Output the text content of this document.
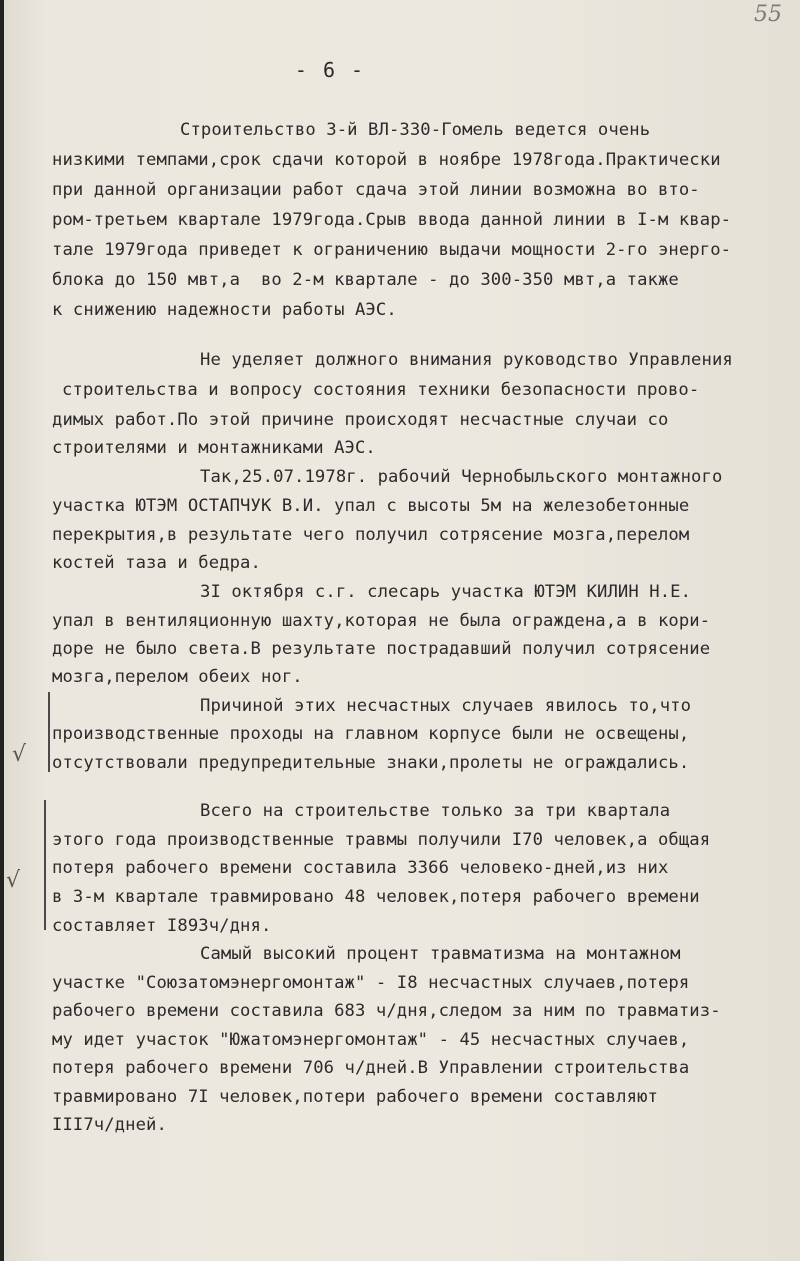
55
- 6 -
Строительство 3-й ВЛ-330-Гомель ведется очень
низкими темпами,срок сдачи которой в ноябре 1978года.Практически
при данной организации работ сдача этой линии возможна во вто-
ром-третьем квартале 1979года.Срыв ввода данной линии в I-м квар-
тале 1979года приведет к ограничению выдачи мощности 2-го энерго-
блока до 150 мвт,а  во 2-м квартале - до 300-350 мвт,а также
к снижению надежности работы АЭС.
Не уделяет должного внимания руководство Управления
строительства и вопросу состояния техники безопасности прово-
димых работ.По этой причине происходят несчастные случаи со
строителями и монтажниками АЭС.
Так,25.07.1978г. рабочий Чернобыльского монтажного
участка ЮТЭМ ОСТАПЧУК В.И. упал с высоты 5м на железобетонные
перекрытия,в результате чего получил сотрясение мозга,перелом
костей таза и бедра.
3I октября с.г. слесарь участка ЮТЭМ КИЛИН Н.Е.
упал в вентиляционную шахту,которая не была ограждена,а в кори-
доре не было света.В результате пострадавший получил сотрясение
мозга,перелом обеих ног.
Причиной этих несчастных случаев явилось то,что
производственные проходы на главном корпусе были не освещены,
отсутствовали предупредительные знаки,пролеты не ограждались.
Всего на строительстве только за три квартала
этого года производственные травмы получили I70 человек,а общая
потеря рабочего времени составила 3366 человеко-дней,из них
в 3-м квартале травмировано 48 человек,потеря рабочего времени
составляет I893ч/дня.
Самый высокий процент травматизма на монтажном
участке "Союзатомэнергомонтаж" - I8 несчастных случаев,потеря
рабочего времени составила 683 ч/дня,следом за ним по травматиз-
му идет участок "Южатомэнергомонтаж" - 45 несчастных случаев,
потеря рабочего времени 706 ч/дней.В Управлении строительства
травмировано 7I человек,потери рабочего времени составляют
III7ч/дней.
√
√
